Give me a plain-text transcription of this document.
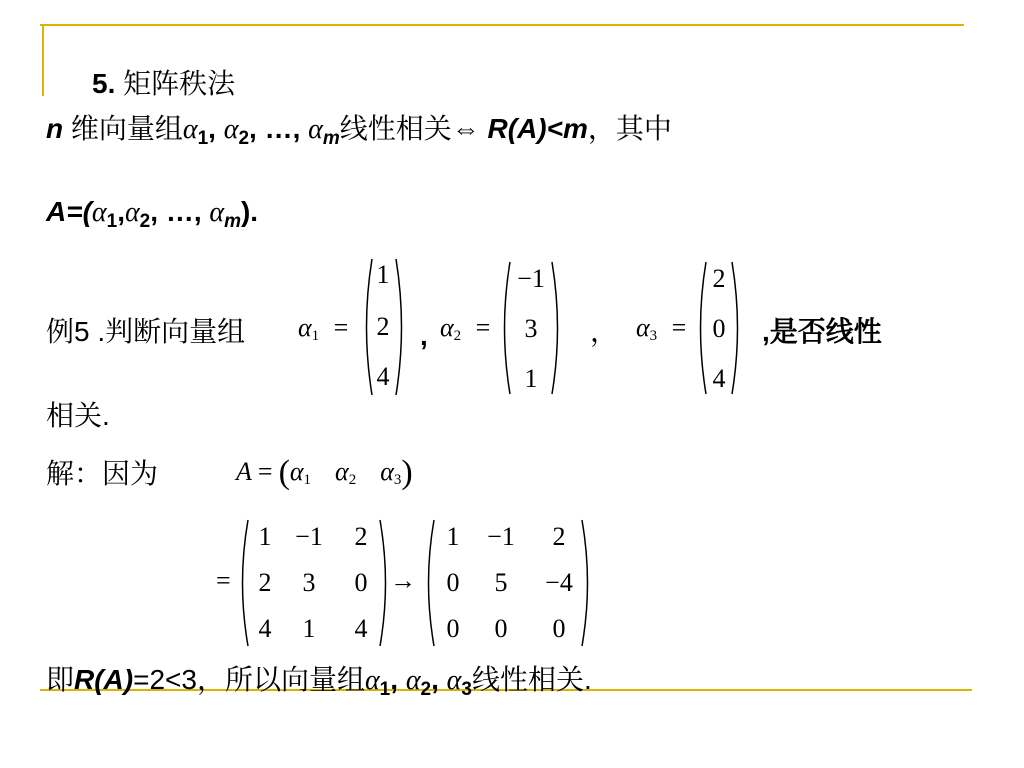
5. 矩阵秩法
n 维向量组$\alpha_1$, $\alpha_2$, …, $\alpha_m$线性相关⇔ R(A)<m，其中
$A=(\alpha_1,\alpha_2$, …, $\alpha_m$).
例5 .判断向量组 α1 =
1
2
4
, α2 =
−1
3
1
， α3 =
2
0
4
,是否线性
相关.
解：因为	A = (α1 α2 α3)
=
1 −1	2
2	3	0
4	1	4
→
1	−1	2
0	5	−4
0	0	0
即R(A)=2<3，所以向量组$\alpha_1$, $\alpha_2$, $\alpha_3$线性相关.
